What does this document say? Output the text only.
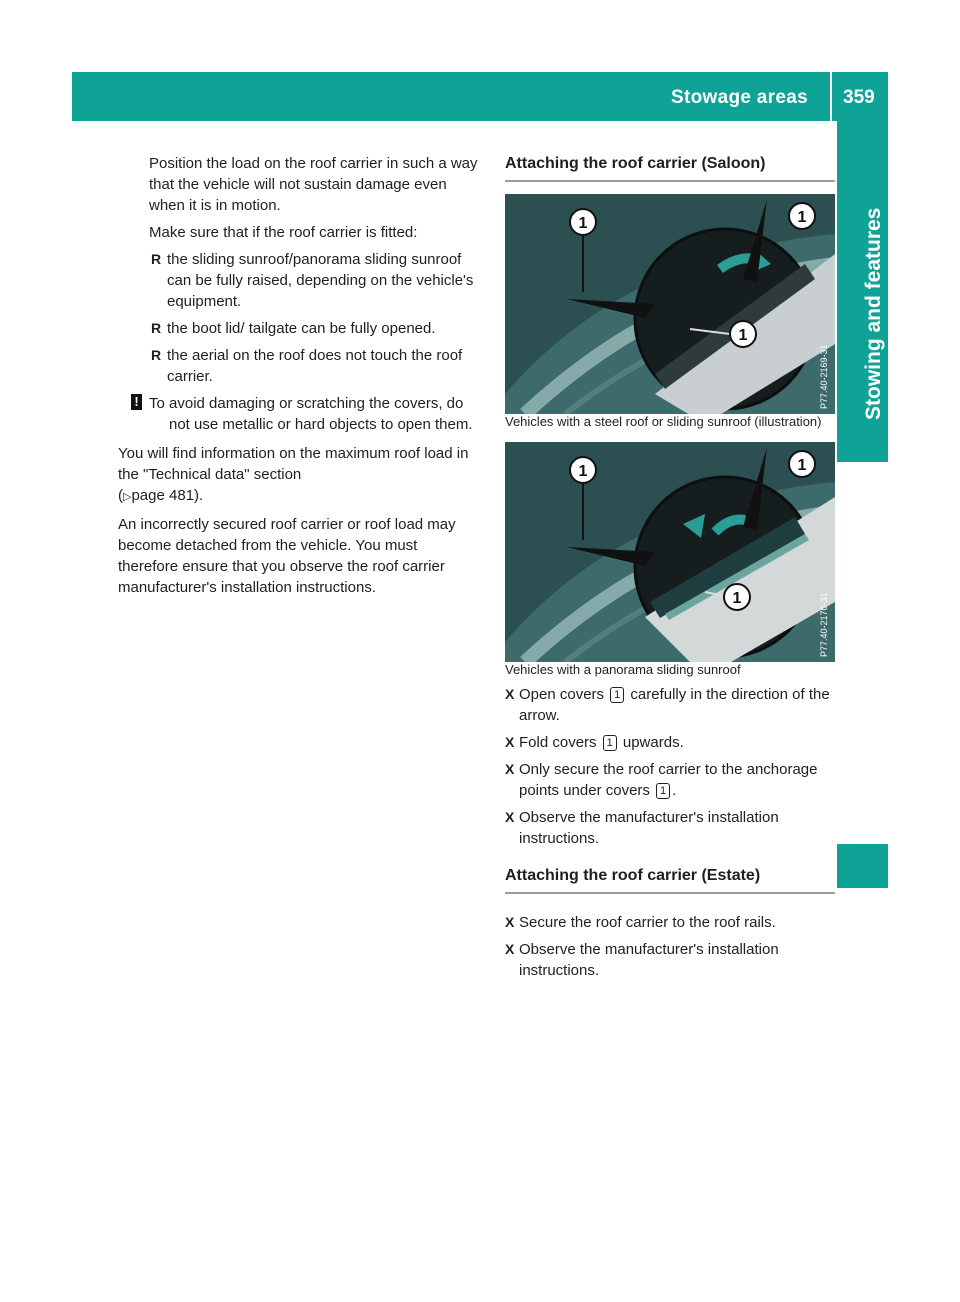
Stowage areas 359
Stowing and features

Position the load on the roof carrier in such a way that the vehicle will not sustain damage even when it is in motion.

Make sure that if the roof carrier is fitted:

R the sliding sunroof/panorama sliding sunroof can be fully raised, depending on the vehicle's equipment.
R the boot lid/ tailgate can be fully opened.
R the aerial on the roof does not touch the roof carrier.
! To avoid damaging or scratching the covers, do not use metallic or hard objects to open them.

You will find information on the maximum roof load in the "Technical data" section
(▷page 481).

An incorrectly secured roof carrier or roof load may become detached from the vehicle. You must therefore ensure that you observe the roof carrier manufacturer's installation instructions.

Attaching the roof carrier (Saloon)

1	1
1
P77.40-2169-31

Vehicles with a steel roof or sliding sunroof (illustration)

1	1
1	P77.40-2170-31

Vehicles with a panorama sliding sunroof

X Open covers 1 carefully in the direction of the arrow.
X Fold covers 1 upwards.
X Only secure the roof carrier to the anchorage points under covers 1 .
X Observe the manufacturer's installation instructions.

Attaching the roof carrier (Estate)

X Secure the roof carrier to the roof rails.
X Observe the manufacturer's installation instructions.
